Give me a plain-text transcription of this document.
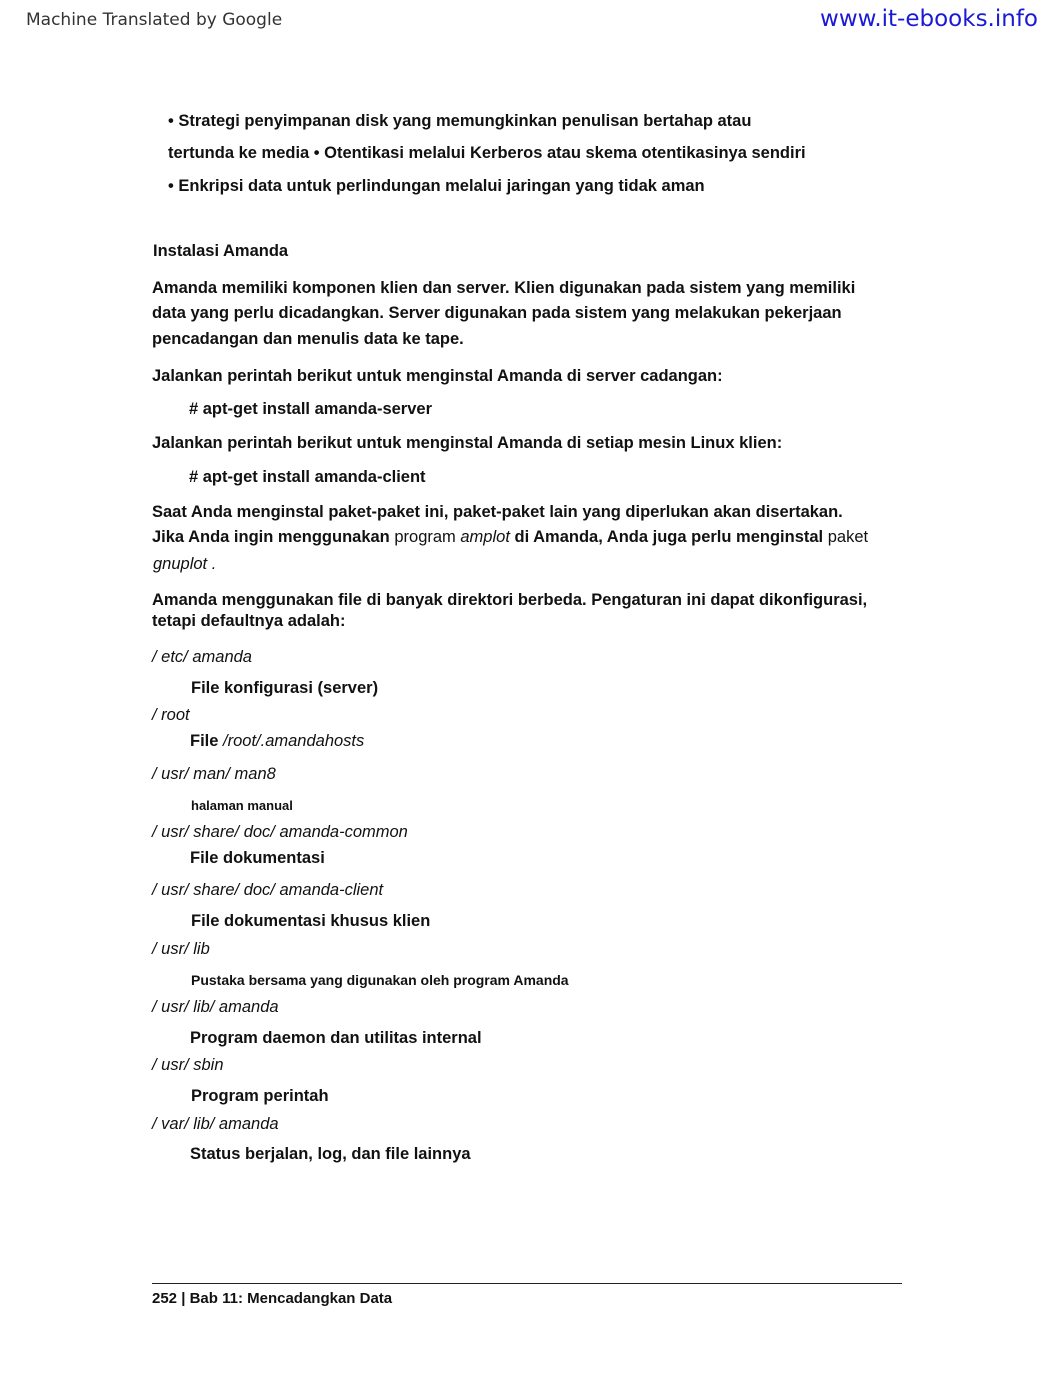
Machine Translated by Google	www.it-ebooks.info
• Strategi penyimpanan disk yang memungkinkan penulisan bertahap atau
tertunda ke media • Otentikasi melalui Kerberos atau skema otentikasinya sendiri
• Enkripsi data untuk perlindungan melalui jaringan yang tidak aman
Instalasi Amanda
Amanda memiliki komponen klien dan server. Klien digunakan pada sistem yang memiliki
data yang perlu dicadangkan. Server digunakan pada sistem yang melakukan pekerjaan
pencadangan dan menulis data ke tape.
Jalankan perintah berikut untuk menginstal Amanda di server cadangan:
# apt-get install amanda-server
Jalankan perintah berikut untuk menginstal Amanda di setiap mesin Linux klien:
# apt-get install amanda-client
Saat Anda menginstal paket-paket ini, paket-paket lain yang diperlukan akan disertakan.
Jika Anda ingin menggunakan program amplot di Amanda, Anda juga perlu menginstal paket
gnuplot .
Amanda menggunakan file di banyak direktori berbeda. Pengaturan ini dapat dikonfigurasi,
tetapi defaultnya adalah:
/ etc/ amanda
File konfigurasi (server)
/ root
File /root/.amandahosts
/ usr/ man/ man8
halaman manual
/ usr/ share/ doc/ amanda-common
File dokumentasi
/ usr/ share/ doc/ amanda-client
File dokumentasi khusus klien
/ usr/ lib
Pustaka bersama yang digunakan oleh program Amanda
/ usr/ lib/ amanda
Program daemon dan utilitas internal
/ usr/ sbin
Program perintah
/ var/ lib/ amanda
Status berjalan, log, dan file lainnya
252 | Bab 11: Mencadangkan Data
